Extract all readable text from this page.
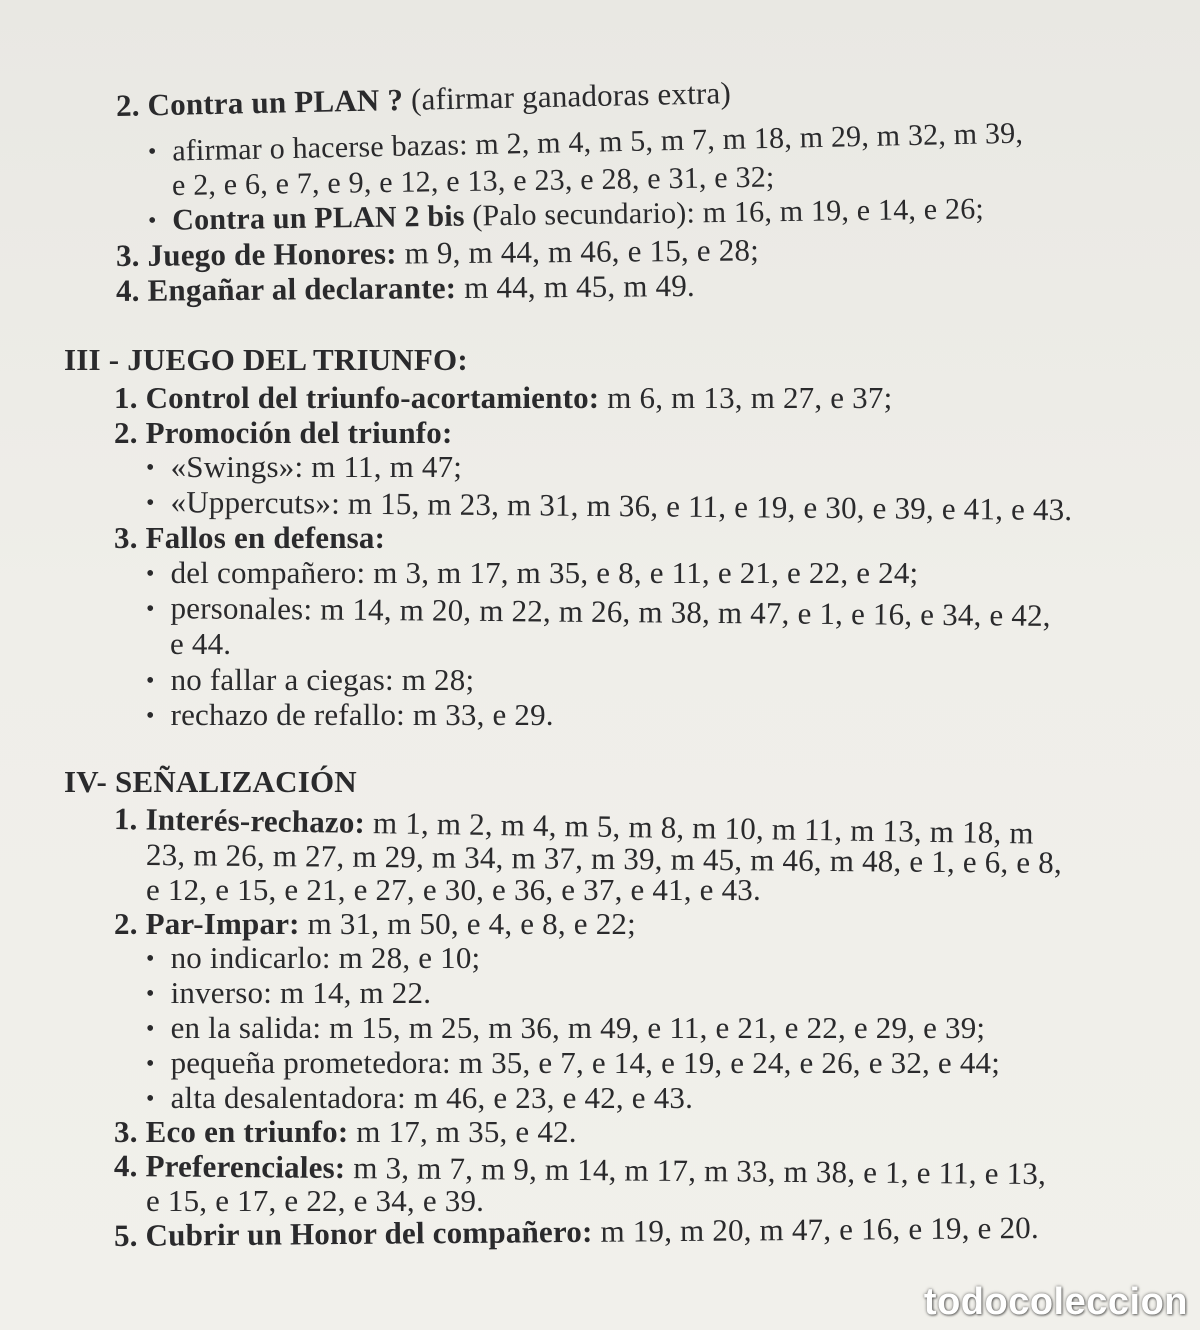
2. Contra un PLAN ? (afirmar ganadoras extra)
• afirmar o hacerse bazas: m 2, m 4, m 5, m 7, m 18, m 29, m 32, m 39,
e 2, e 6, e 7, e 9, e 12, e 13, e 23, e 28, e 31, e 32;
• Contra un PLAN 2 bis (Palo secundario): m 16, m 19, e 14, e 26;
3. Juego de Honores: m 9, m 44, m 46, e 15, e 28;
4. Engañar al declarante: m 44, m 45, m 49.
III - JUEGO DEL TRIUNFO:
1. Control del triunfo-acortamiento: m 6, m 13, m 27, e 37;
2. Promoción del triunfo:
• «Swings»: m 11, m 47;
• «Uppercuts»: m 15, m 23, m 31, m 36, e 11, e 19, e 30, e 39, e 41, e 43.
3. Fallos en defensa:
• del compañero: m 3, m 17, m 35, e 8, e 11, e 21, e 22, e 24;
• personales: m 14, m 20, m 22, m 26, m 38, m 47, e 1, e 16, e 34, e 42,
e 44.
• no fallar a ciegas: m 28;
• rechazo de refallo: m 33, e 29.
IV- SEÑALIZACIÓN
1. Interés-rechazo: m 1, m 2, m 4, m 5, m 8, m 10, m 11, m 13, m 18, m
23, m 26, m 27, m 29, m 34, m 37, m 39, m 45, m 46, m 48, e 1, e 6, e 8,
e 12, e 15, e 21, e 27, e 30, e 36, e 37, e 41, e 43.
2. Par-Impar: m 31, m 50, e 4, e 8, e 22;
• no indicarlo: m 28, e 10;
• inverso: m 14, m 22.
• en la salida: m 15, m 25, m 36, m 49, e 11, e 21, e 22, e 29, e 39;
• pequeña prometedora: m 35, e 7, e 14, e 19, e 24, e 26, e 32, e 44;
• alta desalentadora: m 46, e 23, e 42, e 43.
3. Eco en triunfo: m 17, m 35, e 42.
4. Preferenciales: m 3, m 7, m 9, m 14, m 17, m 33, m 38, e 1, e 11, e 13,
e 15, e 17, e 22, e 34, e 39.
5. Cubrir un Honor del compañero: m 19, m 20, m 47, e 16, e 19, e 20.
todocoleccion
